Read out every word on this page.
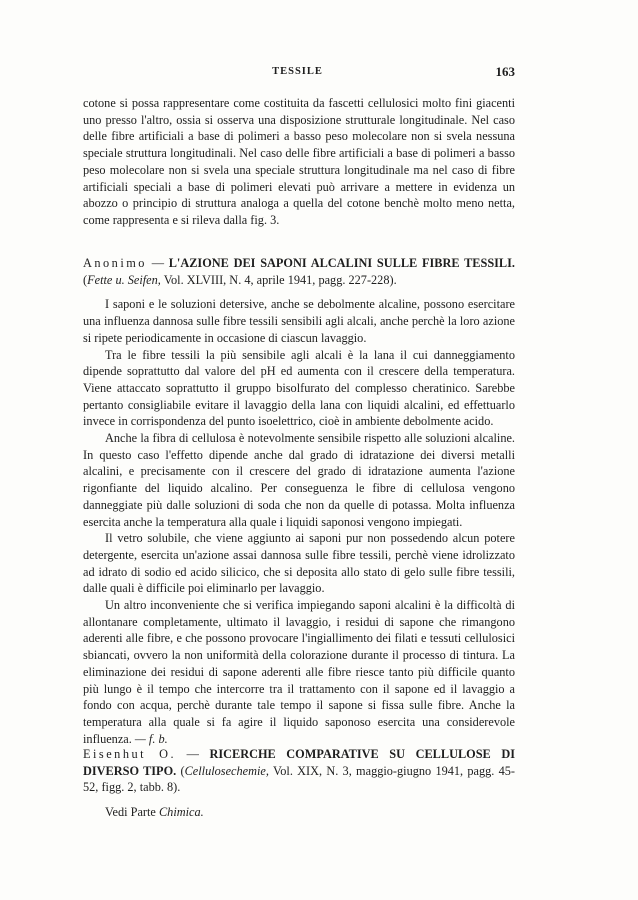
TESSILE	163

cotone si possa rappresentare come costituita da fascetti cellulosici molto fini giacenti uno presso l'altro, ossia si osserva una disposizione strutturale longitudinale. Nel caso delle fibre artificiali a base di polimeri a basso peso molecolare non si svela nessuna speciale struttura longitudinali. Nel caso delle fibre artificiali a base di polimeri a basso peso molecolare non si svela una speciale struttura longitudinale ma nel caso di fibre artificiali speciali a base di polimeri elevati può arrivare a mettere in evidenza un abozzo o principio di struttura analoga a quella del cotone benchè molto meno netta, come rappresenta e si rileva dalla fig. 3.

Anonimo — L'AZIONE DEI SAPONI ALCALINI SULLE FIBRE TESSILI. (Fette u. Seifen, Vol. XLVIII, N. 4, aprile 1941, pagg. 227-228).

I saponi e le soluzioni detersive, anche se debolmente alcaline, possono esercitare una influenza dannosa sulle fibre tessili sensibili agli alcali, anche perchè la loro azione si ripete periodicamente in occasione di ciascun lavaggio.

Tra le fibre tessili la più sensibile agli alcali è la lana il cui danneggiamento dipende soprattutto dal valore del pH ed aumenta con il crescere della temperatura. Viene attaccato soprattutto il gruppo bisolfurato del complesso cheratinico. Sarebbe pertanto consigliabile evitare il lavaggio della lana con liquidi alcalini, ed effettuarlo invece in corrispondenza del punto isoelettrico, cioè in ambiente debolmente acido.

Anche la fibra di cellulosa è notevolmente sensibile rispetto alle soluzioni alcaline. In questo caso l'effetto dipende anche dal grado di idratazione dei diversi metalli alcalini, e precisamente con il crescere del grado di idratazione aumenta l'azione rigonfiante del liquido alcalino. Per conseguenza le fibre di cellulosa vengono danneggiate più dalle soluzioni di soda che non da quelle di potassa. Molta influenza esercita anche la temperatura alla quale i liquidi saponosi vengono impiegati.

Il vetro solubile, che viene aggiunto ai saponi pur non possedendo alcun potere detergente, esercita un'azione assai dannosa sulle fibre tessili, perchè viene idrolizzato ad idrato di sodio ed acido silicico, che si deposita allo stato di gelo sulle fibre tessili, dalle quali è difficile poi eliminarlo per lavaggio.

Un altro inconveniente che si verifica impiegando saponi alcalini è la difficoltà di allontanare completamente, ultimato il lavaggio, i residui di sapone che rimangono aderenti alle fibre, e che possono provocare l'ingiallimento dei filati e tessuti cellulosici sbiancati, ovvero la non uniformità della colorazione durante il processo di tintura. La eliminazione dei residui di sapone aderenti alle fibre riesce tanto più difficile quanto più lungo è il tempo che intercorre tra il trattamento con il sapone ed il lavaggio a fondo con acqua, perchè durante tale tempo il sapone si fissa sulle fibre. Anche la temperatura alla quale si fa agire il liquido saponoso esercita una considerevole influenza. — f. b.

Eisenhut O. — RICERCHE COMPARATIVE SU CELLULOSE DI DIVERSO TIPO. (Cellulosechemie, Vol. XIX, N. 3, maggio-giugno 1941, pagg. 45-52, figg. 2, tabb. 8).

Vedi Parte Chimica.
